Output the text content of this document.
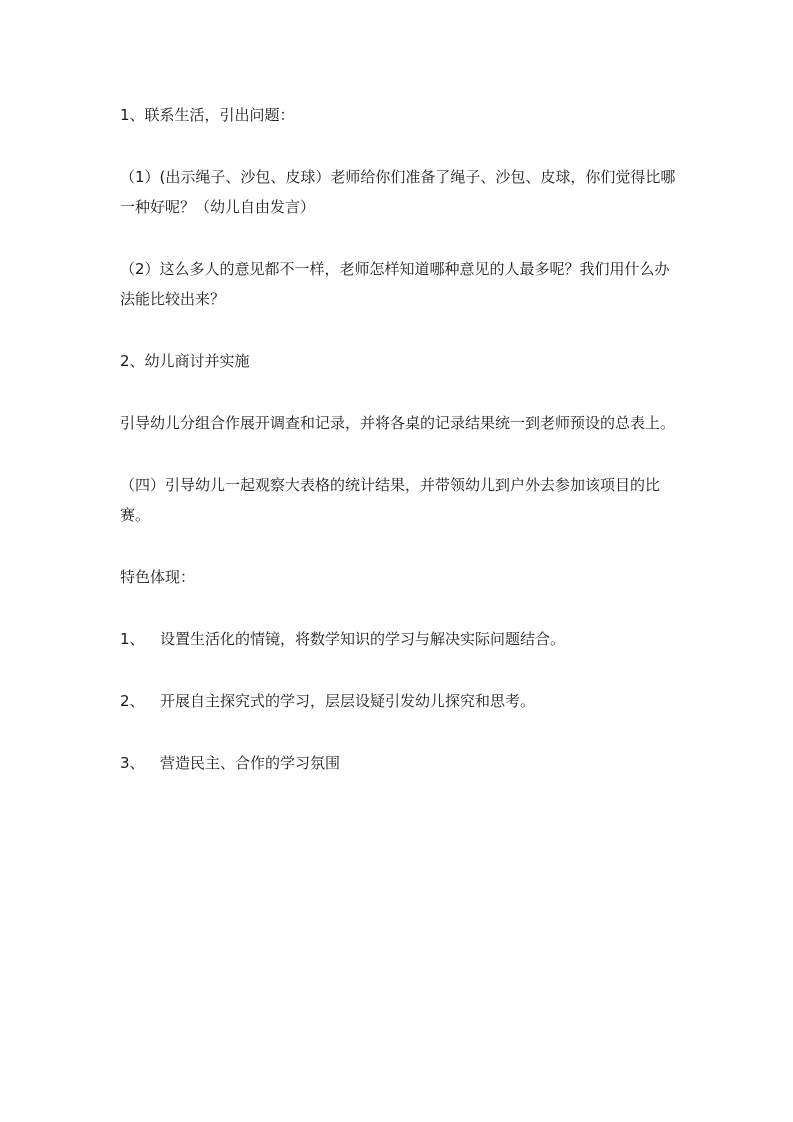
1、联系生活，引出问题：

（1）(出示绳子、沙包、皮球）老师给你们准备了绳子、沙包、皮球，你们觉得比哪一种好呢？（幼儿自由发言）

（2）这么多人的意见都不一样，老师怎样知道哪种意见的人最多呢？我们用什么办法能比较出来？

2、幼儿商讨并实施

引导幼儿分组合作展开调查和记录，并将各桌的记录结果统一到老师预设的总表上。

（四）引导幼儿一起观察大表格的统计结果，并带领幼儿到户外去参加该项目的比赛。

特色体现：

1、	设置生活化的情镜，将数学知识的学习与解决实际问题结合。
2、	开展自主探究式的学习，层层设疑引发幼儿探究和思考。
3、	营造民主、合作的学习氛围
